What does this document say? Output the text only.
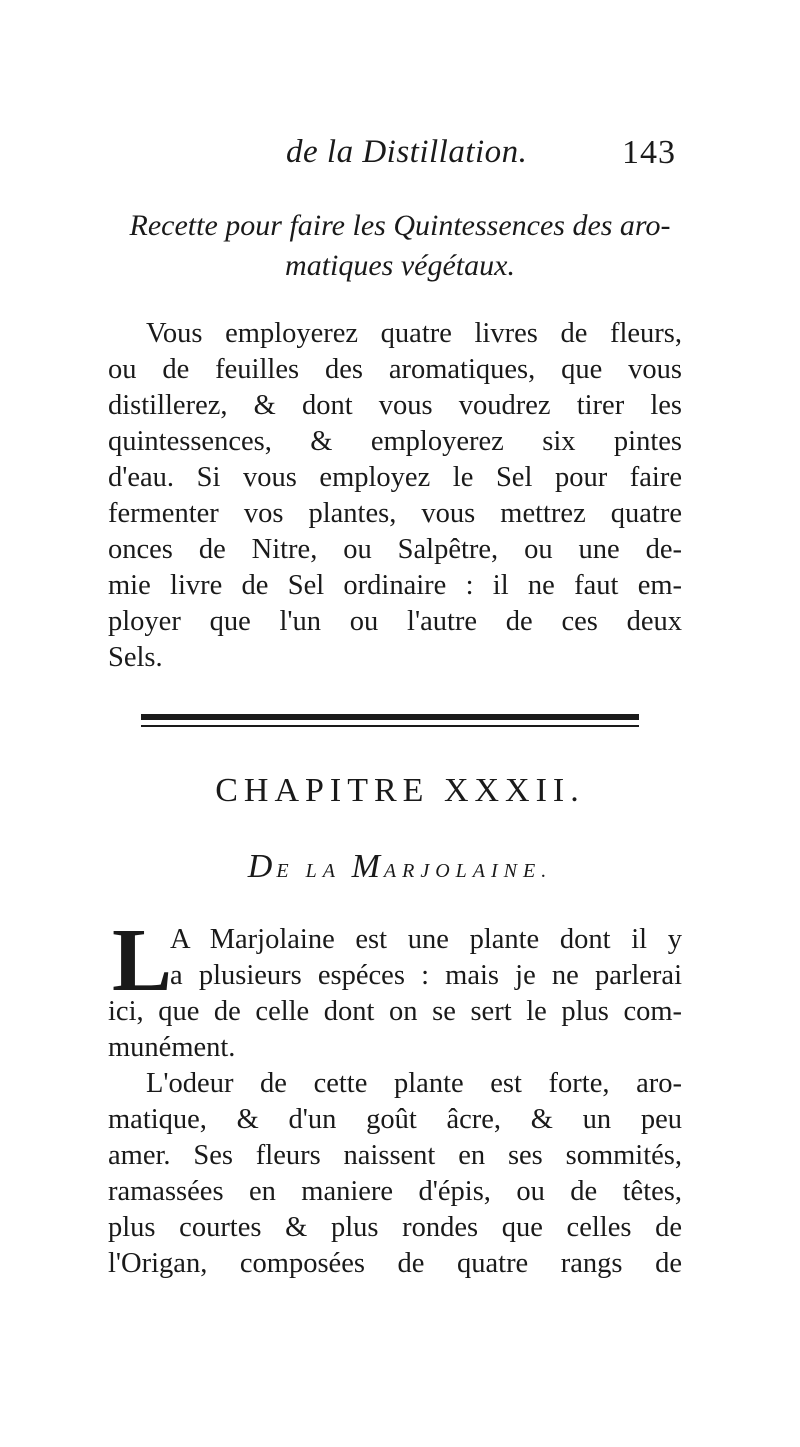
de la Distillation.	143
Recette pour faire les Quintessences des aro-
matiques végétaux.
Vous employerez quatre livres de fleurs,
ou de feuilles des aromatiques, que vous
distillerez, & dont vous voudrez tirer les
quintessences, & employerez six pintes
d'eau. Si vous employez le Sel pour faire
fermenter vos plantes, vous mettrez quatre
onces de Nitre, ou Salpêtre, ou une de-
mie livre de Sel ordinaire : il ne faut em-
ployer que l'un ou l'autre de ces deux
Sels.
CHAPITRE XXXII.
DE LA MARJOLAINE.
L
A Marjolaine est une plante dont il y
a plusieurs espéces : mais je ne parlerai
ici, que de celle dont on se sert le plus com-
munément.
L'odeur de cette plante est forte, aro-
matique, & d'un goût âcre, & un peu
amer. Ses fleurs naissent en ses sommités,
ramassées en maniere d'épis, ou de têtes,
plus courtes & plus rondes que celles de
l'Origan, composées de quatre rangs de
